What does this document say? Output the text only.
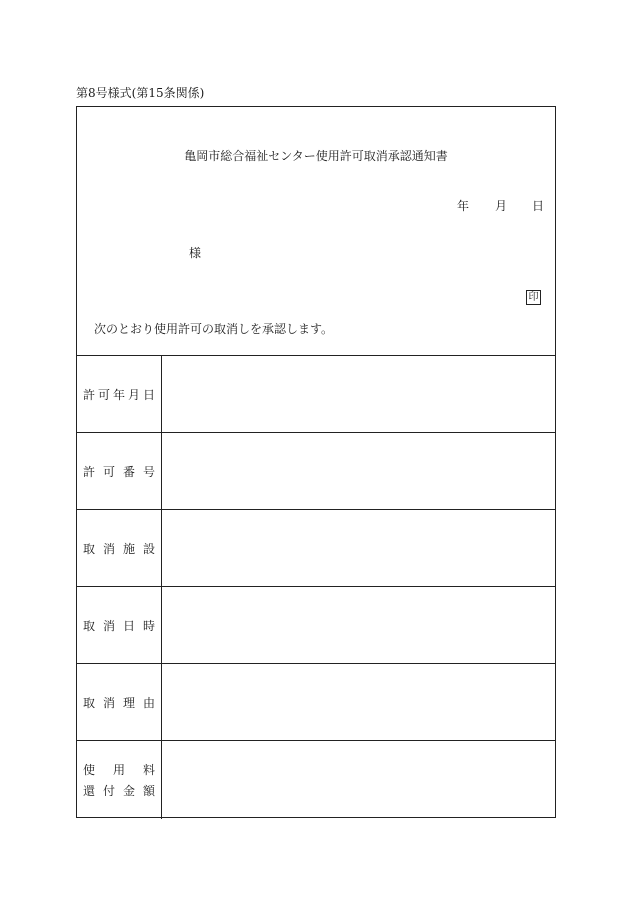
第8号様式(第15条関係)
亀岡市総合福祉センター使用許可取消承認通知書
年 月 日
様
印
次のとおり使用許可の取消しを承認します。
許 可 年 月 日
許 可 番 号
取 消 施 設
取 消 日 時
取 消 理 由
使 用 料
還 付 金 額
